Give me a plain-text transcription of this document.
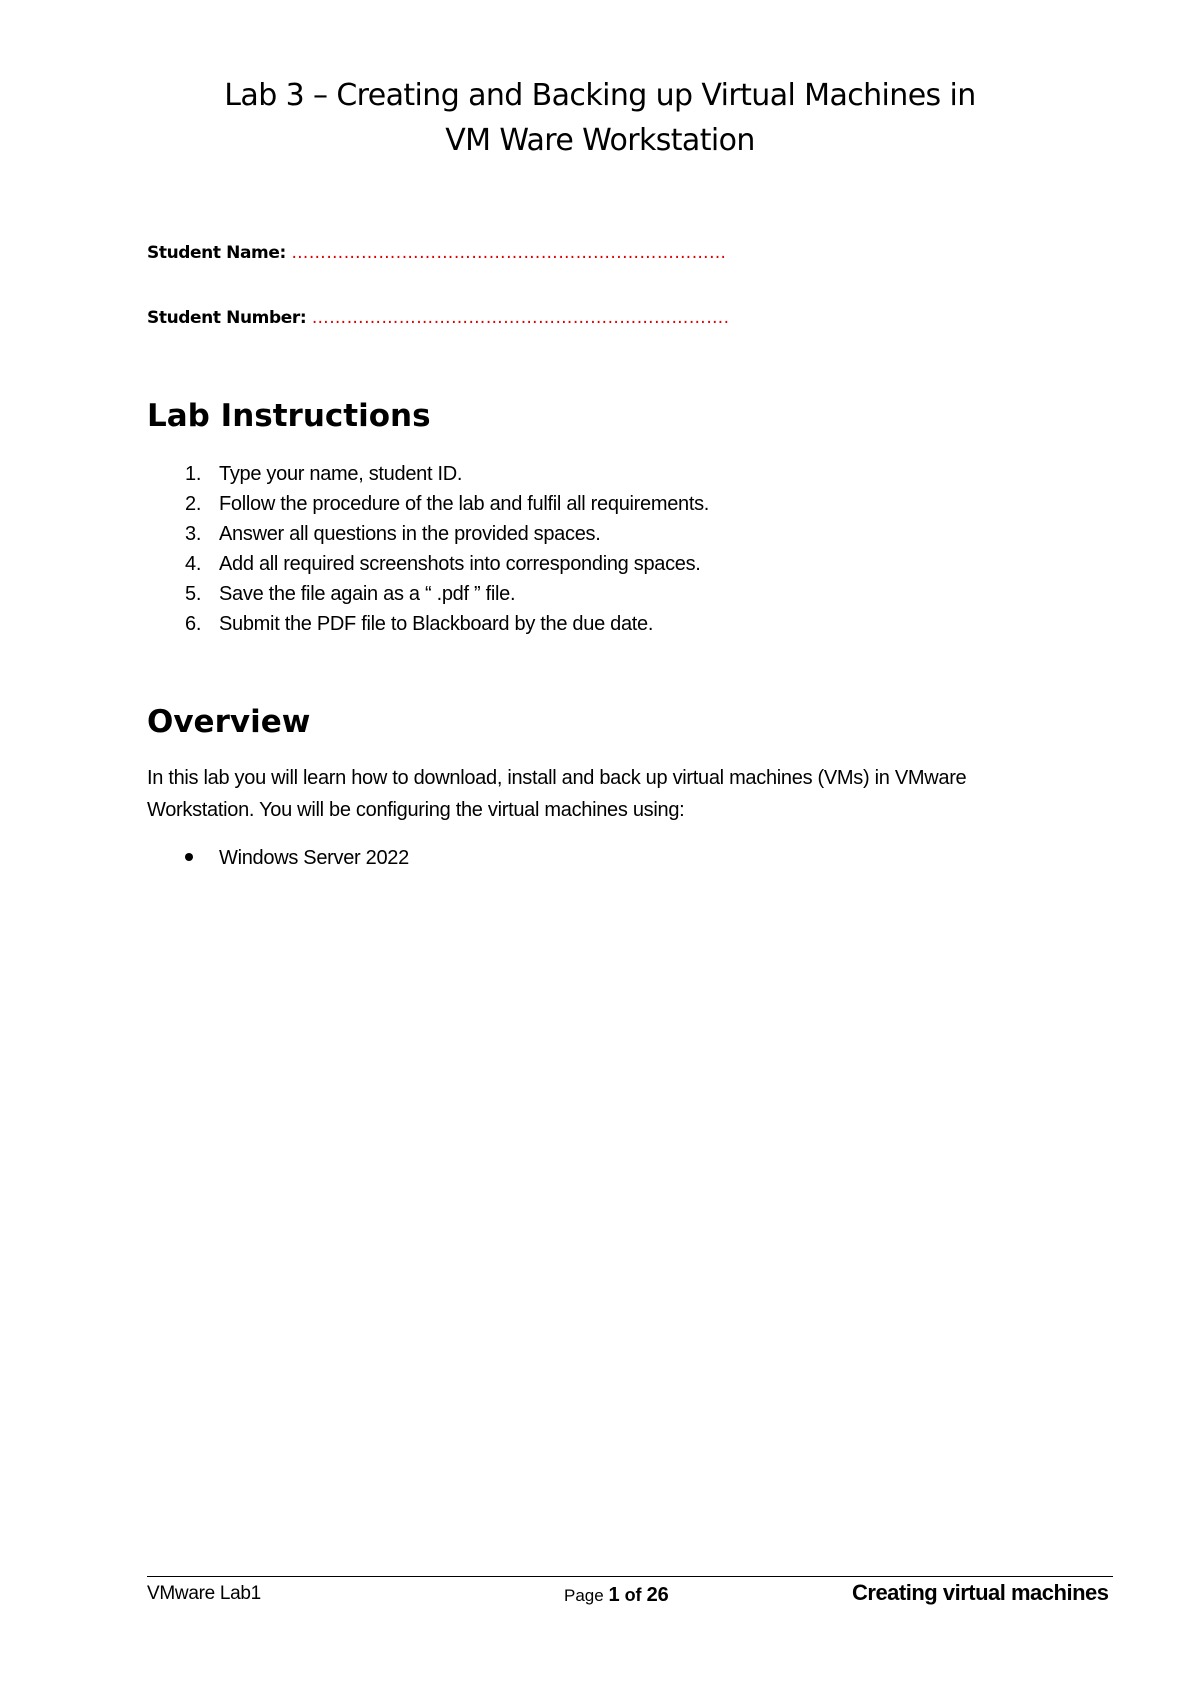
Lab 3 – Creating and Backing up Virtual Machines in
VM Ware Workstation
Student Name: ……………….………………………………..………………
Student Number: ……………………………………………..……………….
Lab Instructions
1. Type your name, student ID.
2. Follow the procedure of the lab and fulfil all requirements.
3. Answer all questions in the provided spaces.
4. Add all required screenshots into corresponding spaces.
5. Save the file again as a “ .pdf ” file.
6. Submit the PDF file to Blackboard by the due date.
Overview
In this lab you will learn how to download, install and back up virtual machines (VMs) in VMware Workstation. You will be configuring the virtual machines using:
Windows Server 2022
VMware Lab1	Page 1 of 26	Creating virtual machines
